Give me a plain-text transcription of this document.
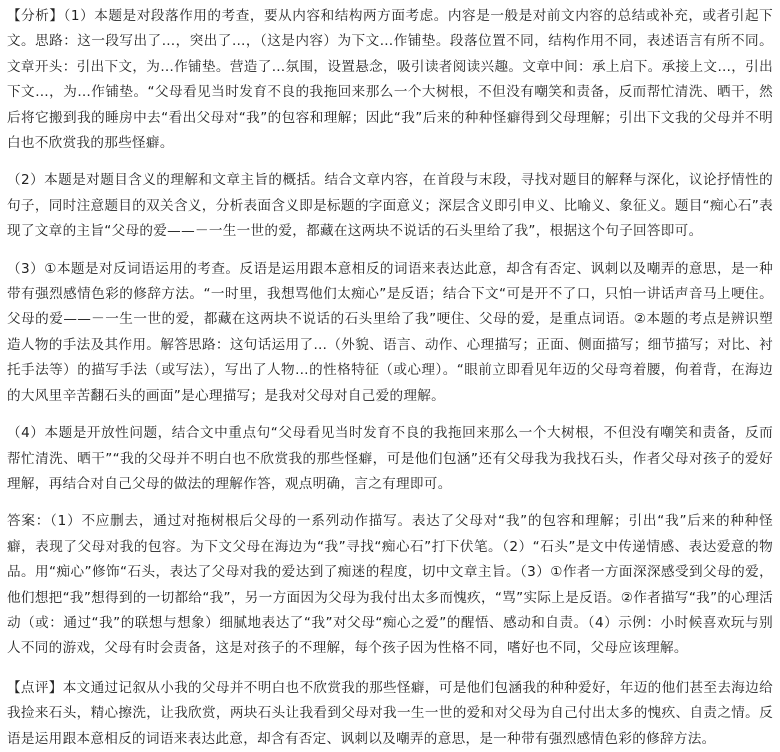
【分析】（1）本题是对段落作用的考查，要从内容和结构两方面考虑。内容是一般是对前文内容的总结或补充，或者引起下文。思路：这一段写出了…，突出了…，（这是内容）为下文…作铺垫。段落位置不同，结构作用不同，表述语言有所不同。文章开头：引出下文，为…作铺垫。营造了…氛围，设置悬念，吸引读者阅读兴趣。文章中间：承上启下。承接上文…，引出下文…，为…作铺垫。“父母看见当时发育不良的我拖回来那么一个大树根，不但没有嘲笑和责备，反而帮忙清洗、晒干，然后将它搬到我的睡房中去“看出父母对“我”的包容和理解；因此“我”后来的种种怪癖得到父母理解；引出下文我的父母并不明白也不欣赏我的那些怪癖。

（2）本题是对题目含义的理解和文章主旨的概括。结合文章内容，在首段与末段，寻找对题目的解释与深化，议论抒情性的句子，同时注意题目的双关含义，分析表面含义即是标题的字面意义；深层含义即引申义、比喻义、象征义。题目“痴心石”表现了文章的主旨“父母的爱——－一生一世的爱，都藏在这两块不说话的石头里给了我”，根据这个句子回答即可。

（3）①本题是对反词语运用的考查。反语是运用跟本意相反的词语来表达此意，却含有否定、讽刺以及嘲弄的意思，是一种带有强烈感情色彩的修辞方法。“一时里，我想骂他们太痴心”是反语；结合下文“可是开不了口，只怕一讲话声音马上哽住。父母的爱——－一生一世的爱，都藏在这两块不说话的石头里给了我”哽住、父母的爱，是重点词语。②本题的考点是辨识塑造人物的手法及其作用。解答思路：这句话运用了…（外貌、语言、动作、心理描写；正面、侧面描写；细节描写；对比、衬托手法等）的描写手法（或写法），写出了人物…的性格特征（或心理）。“眼前立即看见年迈的父母弯着腰，佝着背，在海边的大风里辛苦翻石头的画面”是心理描写；是我对父母对自己爱的理解。

（4）本题是开放性问题，结合文中重点句“父母看见当时发育不良的我拖回来那么一个大树根，不但没有嘲笑和责备，反而帮忙清洗、晒干”“我的父母并不明白也不欣赏我的那些怪癖，可是他们包涵”还有父母我为我找石头，作者父母对孩子的爱好理解，再结合对自己父母的做法的理解作答，观点明确，言之有理即可。

答案：（1）不应删去，通过对拖树根后父母的一系列动作描写。表达了父母对“我”的包容和理解；引出“我”后来的种种怪癖，表现了父母对我的包容。为下文父母在海边为“我”寻找“痴心石”打下伏笔。（2）“石头”是文中传递情感、表达爱意的物品。用“痴心”修饰“石头，表达了父母对我的爱达到了痴迷的程度，切中文章主旨。（3）①作者一方面深深感受到父母的爱，他们想把“我”想得到的一切都给“我”，另一方面因为父母为我付出太多而愧疚，“骂”实际上是反语。②作者描写“我”的心理活动（或：通过“我”的联想与想象）细腻地表达了“我”对父母“痴心之爱”的醒悟、感动和自责。（4）示例：小时候喜欢玩与别人不同的游戏，父母有时会责备，这是对孩子的不理解，每个孩子因为性格不同，嗜好也不同，父母应该理解。

【点评】本文通过记叙从小我的父母并不明白也不欣赏我的那些怪癖，可是他们包涵我的种种爱好，年迈的他们甚至去海边给我捡来石头，精心擦洗，让我欣赏，两块石头让我看到父母对我一生一世的爱和对父母为自己付出太多的愧疚、自责之情。反语是运用跟本意相反的词语来表达此意，却含有否定、讽刺以及嘲弄的意思，是一种带有强烈感情色彩的修辞方法。
